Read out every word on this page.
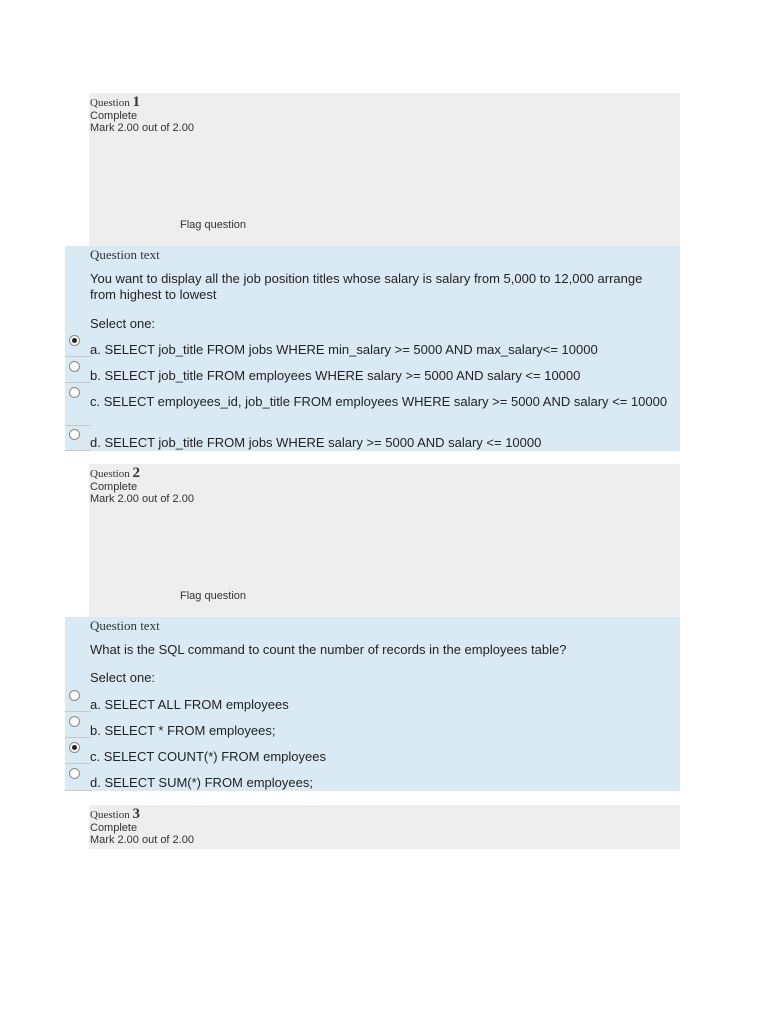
Question 1
Complete
Mark 2.00 out of 2.00
Flag question
Question text
You want to display all the job position titles whose salary is salary from 5,000 to 12,000 arrange from highest to lowest
Select one:
a. SELECT job_title FROM jobs WHERE min_salary >= 5000 AND max_salary<= 10000
b. SELECT job_title FROM employees WHERE salary >= 5000 AND salary <= 10000
c. SELECT employees_id, job_title FROM employees WHERE salary >= 5000 AND salary <= 10000
d. SELECT job_title FROM jobs WHERE salary >= 5000 AND salary <= 10000
Question 2
Complete
Mark 2.00 out of 2.00
Flag question
Question text
What is the SQL command to count the number of records in the employees table?
Select one:
a. SELECT ALL FROM employees
b. SELECT * FROM employees;
c. SELECT COUNT(*) FROM employees
d. SELECT SUM(*) FROM employees;
Question 3
Complete
Mark 2.00 out of 2.00
